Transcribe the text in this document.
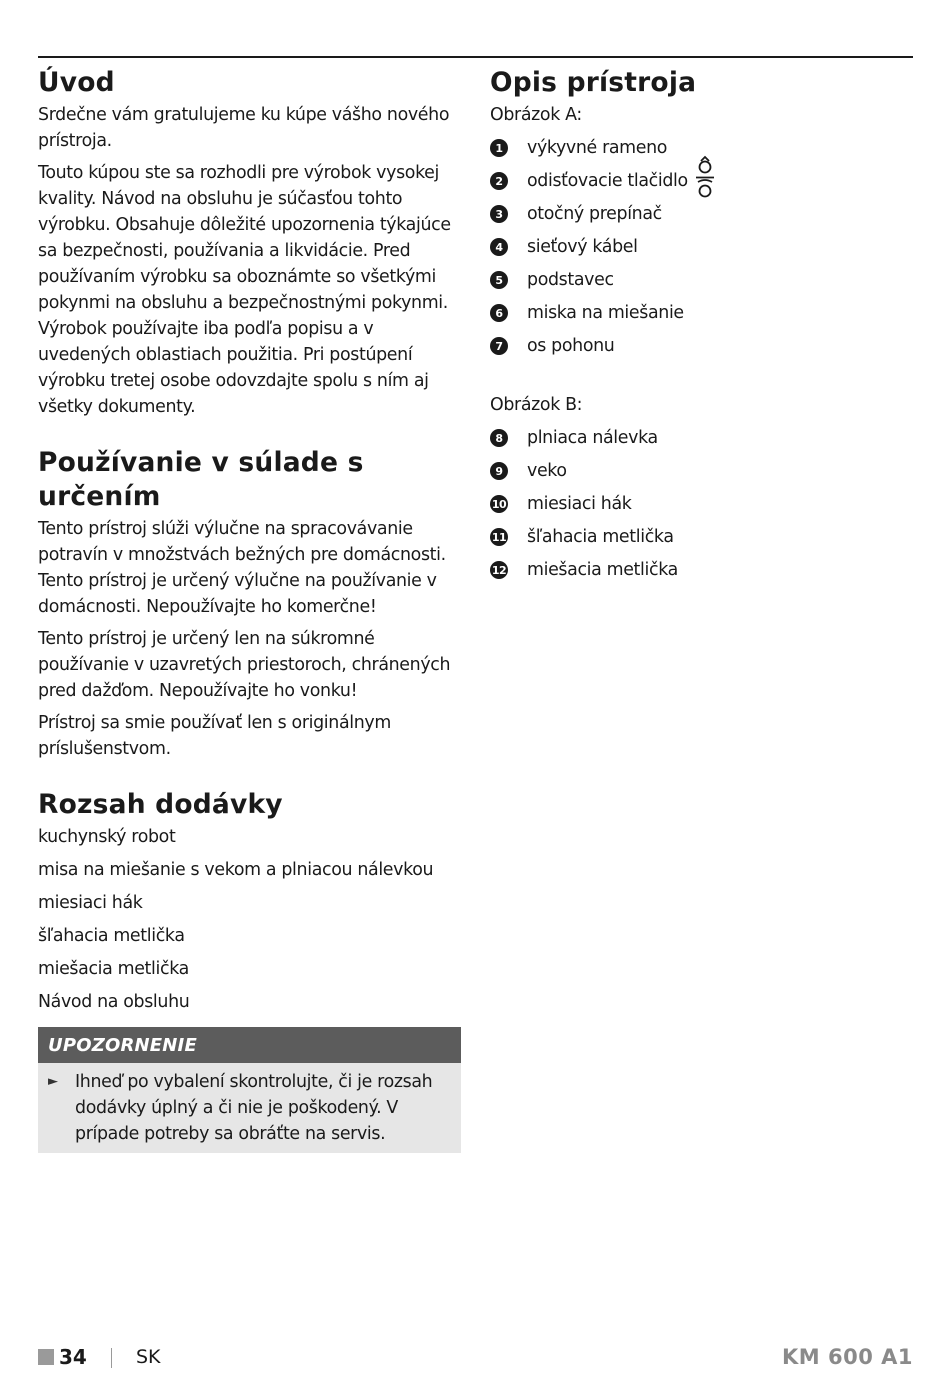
Úvod

Srdečne vám gratulujeme ku kúpe vášho nového prístroja.

Touto kúpou ste sa rozhodli pre výrobok vysokej kvality. Návod na obsluhu je súčasťou tohto výrobku. Obsahuje dôležité upozornenia týkajúce sa bezpečnosti, používania a likvidácie. Pred používaním výrobku sa oboznámte so všetkými pokynmi na obsluhu a bezpečnostnými pokynmi. Výrobok používajte iba podľa popisu a v uvedených oblastiach použitia. Pri postúpení výrobku tretej osobe odovzdajte spolu s ním aj všetky dokumenty.

Používanie v súlade s určením

Tento prístroj slúži výlučne na spracovávanie potravín v množstvách bežných pre domácnosti. Tento prístroj je určený výlučne na používanie v domácnosti. Nepoužívajte ho komerčne!

Tento prístroj je určený len na súkromné používanie v uzavretých priestoroch, chránených pred dažďom. Nepoužívajte ho vonku!

Prístroj sa smie používať len s originálnym príslušenstvom.

Rozsah dodávky
kuchynský robot
misa na miešanie s vekom a plniacou nálevkou
miesiaci hák
šľahacia metlička
miešacia metlička
Návod na obsluhu
UPOZORNENIE
► Ihneď po vybalení skontrolujte, či je rozsah dodávky úplný a či nie je poškodený. V prípade potreby sa obráťte na servis.

Opis prístroja

Obrázok A:

1	výkyvné rameno
2	odisťovacie tlačidlo
3	otočný prepínač
4	sieťový kábel
5	podstavec
6	miska na miešanie
7	os pohonu

Obrázok B:

8	plniaca nálevka
9	veko
10 miesiaci hák
11 šľahacia metlička
12 miešacia metlička
34	SK	KM 600 A1
